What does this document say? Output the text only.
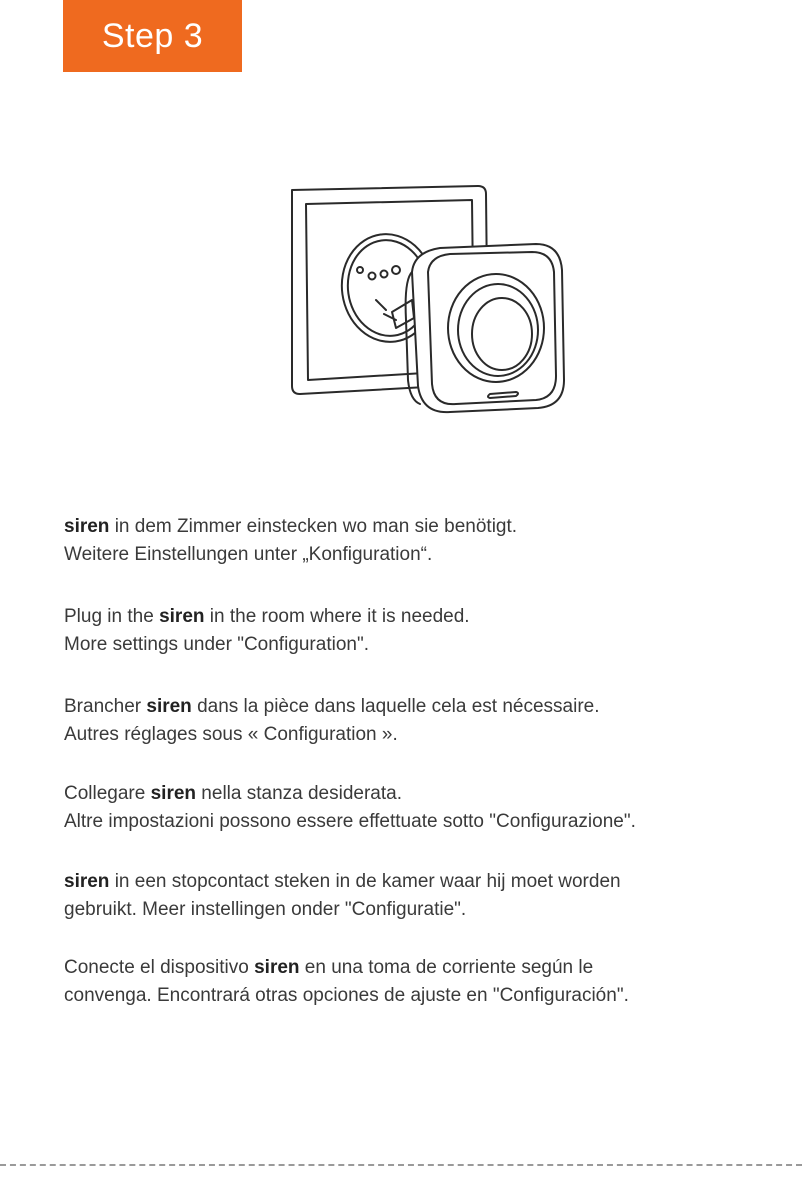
Step 3
siren in dem Zimmer einstecken wo man sie benötigt.
Weitere Einstellungen unter „Konfiguration“.
Plug in the siren in the room where it is needed.
More settings under "Configuration".
Brancher siren dans la pièce dans laquelle cela est nécessaire.
Autres réglages sous « Configuration ».
Collegare siren nella stanza desiderata.
Altre impostazioni possono essere effettuate sotto "Configurazione".
siren in een stopcontact steken in de kamer waar hij moet worden
gebruikt. Meer instellingen onder "Configuratie".
Conecte el dispositivo siren en una toma de corriente según le
convenga. Encontrará otras opciones de ajuste en "Configuración".
